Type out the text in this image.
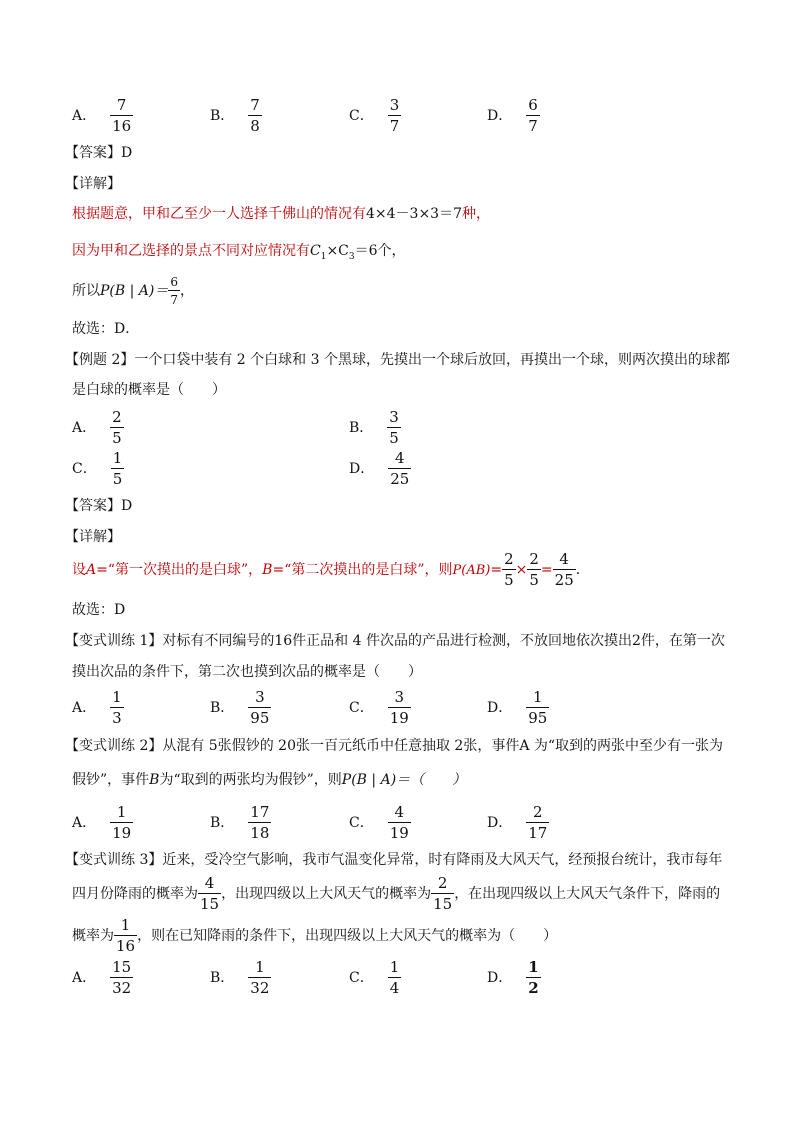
A． $\frac{7}{16}$	B． $\frac{7}{8}$	C． $\frac{3}{7}$	D． $\frac{6}{7}$
【答案】D
【详解】
根据题意，甲和乙至少一人选择千佛山的情况有4×4－3×3＝7种，
因为甲和乙选择的景点不同对应情况有$C_1\times C_3=6$个，
所以P(B | $A)= \frac{6}{7}$ ，
故选：D．
【例题 2】一个口袋中装有 2 个白球和 3 个黑球，先摸出一个球后放回，再摸出一个球，则两次摸出的球都
是白球的概率是（　　）
A． $\frac{2}{5}$	B． $\frac{3}{5}$
C． $\frac{1}{5}$	D． $\frac{4}{25}$
【答案】D
【详解】
设 A =“第一次摸出的是白球”， B =“第二次摸出的是白球”，则 $P(AB) = \frac{2}{5} \times \frac{2}{5} = \frac{4}{25}$ ．
故选：D
【变式训练 1】对标有不同编号的16件正品和 4 件次品的产品进行检测，不放回地依次摸出2件，在第一次
摸出次品的条件下，第二次也摸到次品的概率是（　　）
A． $\frac{1}{3}$	B． $\frac{3}{95}$	C． $\frac{3}{19}$	D． $\frac{1}{95}$
【变式训练 2】从混有 5张假钞的 20张一百元纸币中任意抽取 2张，事件A 为“取到的两张中至少有一张为
假钞”，事件B为“取到的两张均为假钞”，则P(B | A)＝（　　）
A． $\frac{1}{19}$	B． $\frac{17}{18}$	C． $\frac{4}{19}$	D． $\frac{2}{17}$
【变式训练 3】近来，受冷空气影响，我市气温变化异常，时有降雨及大风天气，经预报台统计，我市每年
四月份降雨的概率为 $\frac{4}{15}$ ，出现四级以上大风天气的概率为 $\frac{2}{15}$ ，在出现四级以上大风天气条件下，降雨的
概率为 $\frac{1}{16}$ ，则在已知降雨的条件下，出现四级以上大风天气的概率为（　　）
A． $\frac{15}{32}$	B． $\frac{1}{32}$	C． $\frac{1}{4}$	D． $\frac{1}{2}$
